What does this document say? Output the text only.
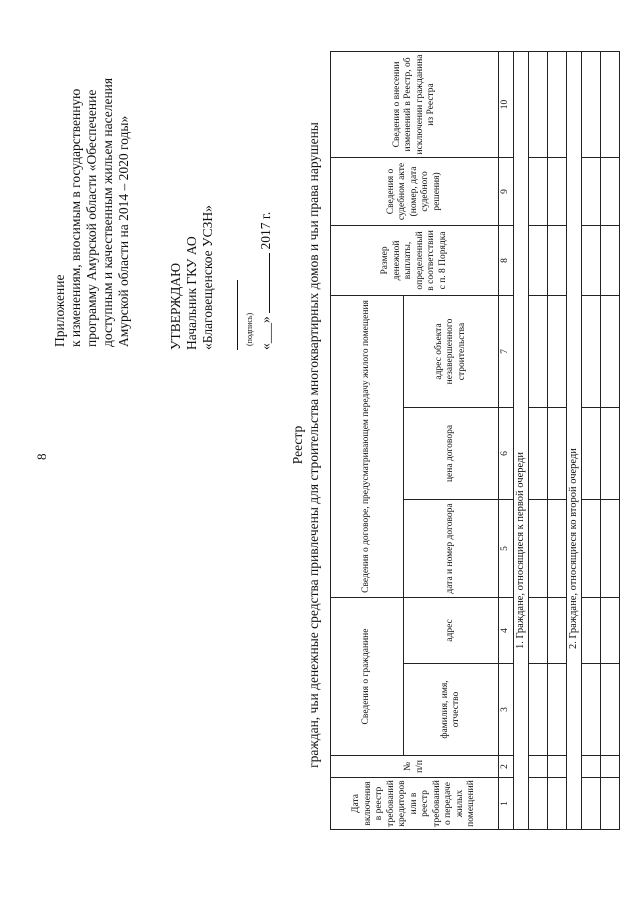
8
Приложение к изменениям, вносимым в государственную программу Амурской области «Обеспечение доступным и качественным жильем населения Амурской области на 2014 – 2020 годы»	УТВЕРЖДАЮ Начальник ГКУ АО «Благовещенское УСЗН»	(подпись) «___»  2017 г.
Реестр граждан, чьи денежные средства привлечены для строительства многоквартирных домов и чьи права нарушены
Дата включения в реестр требований кредиторов или в реестр требований о передаче жилых помещений	№ п/п	Сведения о гражданине		Сведения о договоре, предусматривающем передачу жилого помещения			Размер денежной выплаты, определенный в соответствии с п. 8 Порядка	Сведения о судебном акте (номер, дата судебного решения)	Сведения о внесении изменений в Реестр, об исключении гражданина из Реестра
		фамилия, имя, отчество	адрес	дата и номер договора	цена договора	адрес объекта незавершенного строительства			
1	2	3	4	5	6	7	8	9	10
1. Граждане, относящиеся к первой очереди									

2. Граждане, относящиеся ко второй очереди									
